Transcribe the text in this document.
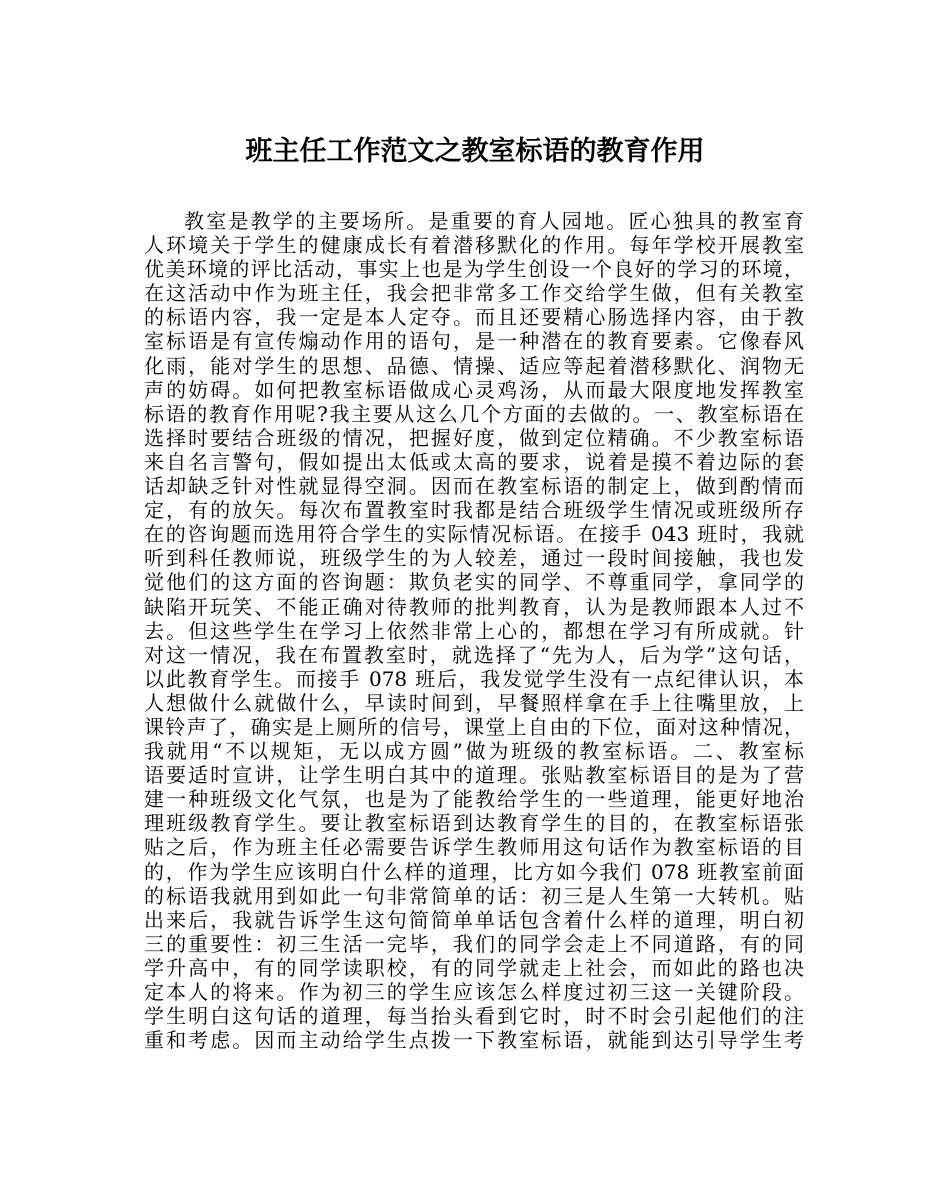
班主任工作范文之教室标语的教育作用
教室是教学的主要场所。是重要的育人园地。匠心独具的教室育
人环境关于学生的健康成长有着潜移默化的作用。每年学校开展教室
优美环境的评比活动，事实上也是为学生创设一个良好的学习的环境，
在这活动中作为班主任，我会把非常多工作交给学生做，但有关教室
的标语内容，我一定是本人定夺。而且还要精心肠选择内容，由于教
室标语是有宣传煽动作用的语句，是一种潜在的教育要素。它像春风
化雨，能对学生的思想、品德、情操、适应等起着潜移默化、润物无
声的妨碍。如何把教室标语做成心灵鸡汤，从而最大限度地发挥教室
标语的教育作用呢?我主要从这么几个方面的去做的。一、教室标语在
选择时要结合班级的情况，把握好度，做到定位精确。不少教室标语
来自名言警句，假如提出太低或太高的要求，说着是摸不着边际的套
话却缺乏针对性就显得空洞。因而在教室标语的制定上，做到酌情而
定，有的放矢。每次布置教室时我都是结合班级学生情况或班级所存
在的咨询题而选用符合学生的实际情况标语。在接手 043 班时，我就
听到科任教师说，班级学生的为人较差，通过一段时间接触，我也发
觉他们的这方面的咨询题：欺负老实的同学、不尊重同学，拿同学的
缺陷开玩笑、不能正确对待教师的批判教育，认为是教师跟本人过不
去。但这些学生在学习上依然非常上心的，都想在学习有所成就。针
对这一情况，我在布置教室时，就选择了“先为人，后为学”这句话，
以此教育学生。而接手 078 班后，我发觉学生没有一点纪律认识，本
人想做什么就做什么，早读时间到，早餐照样拿在手上往嘴里放，上
课铃声了，确实是上厕所的信号，课堂上自由的下位，面对这种情况，
我就用“不以规矩，无以成方圆”做为班级的教室标语。二、教室标
语要适时宣讲，让学生明白其中的道理。张贴教室标语目的是为了营
建一种班级文化气氛，也是为了能教给学生的一些道理，能更好地治
理班级教育学生。要让教室标语到达教育学生的目的，在教室标语张
贴之后，作为班主任必需要告诉学生教师用这句话作为教室标语的目
的，作为学生应该明白什么样的道理，比方如今我们 078 班教室前面
的标语我就用到如此一句非常简单的话：初三是人生第一大转机。贴
出来后，我就告诉学生这句简简单单话包含着什么样的道理，明白初
三的重要性：初三生活一完毕，我们的同学会走上不同道路，有的同
学升高中，有的同学读职校，有的同学就走上社会，而如此的路也决
定本人的将来。作为初三的学生应该怎么样度过初三这一关键阶段。
学生明白这句话的道理，每当抬头看到它时，时不时会引起他们的注
重和考虑。因而主动给学生点拨一下教室标语，就能到达引导学生考
